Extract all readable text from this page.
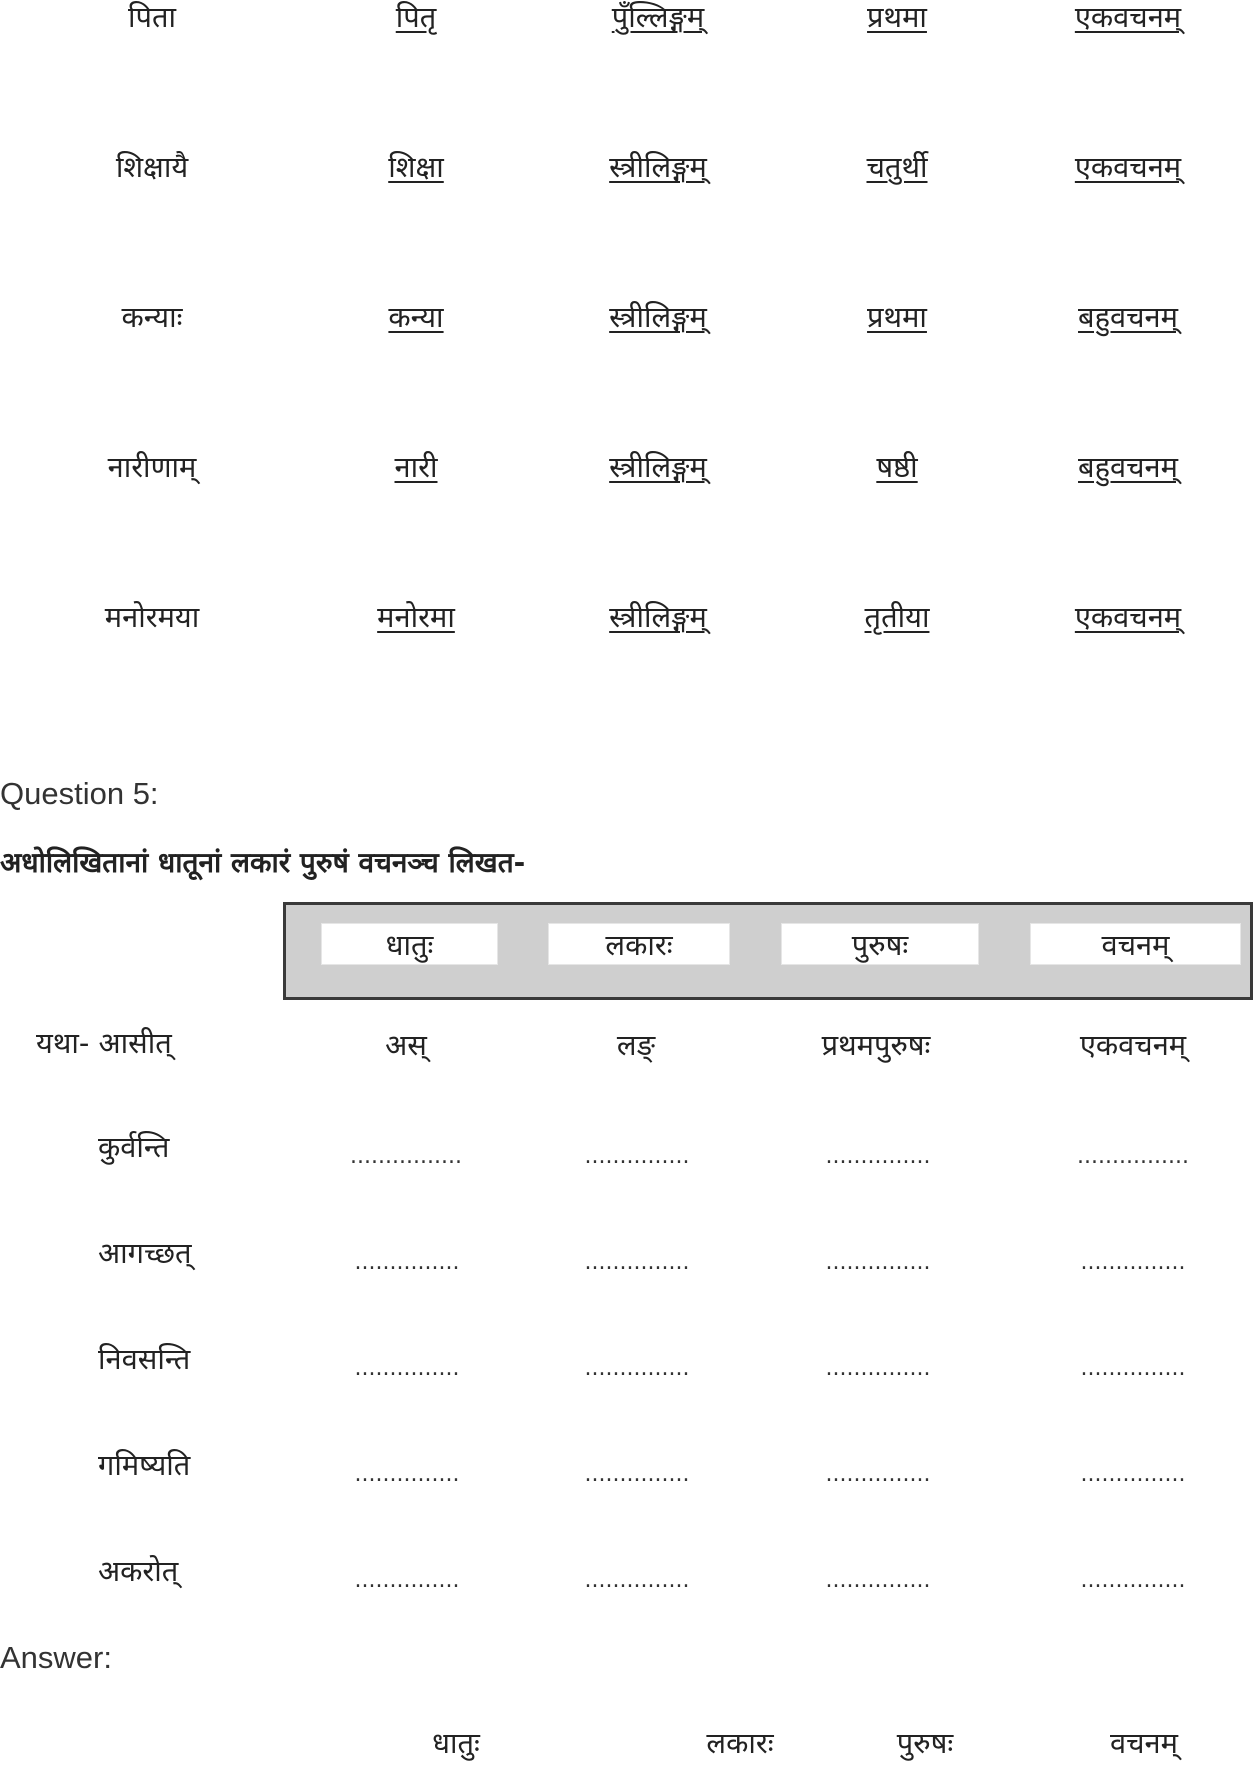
पिता	पितृ	पुँल्लिङ्गम्	प्रथमा	एकवचनम्
शिक्षायै	शिक्षा	स्त्रीलिङ्गम्	चतुर्थी	एकवचनम्
कन्याः	कन्या	स्त्रीलिङ्गम्	प्रथमा	बहुवचनम्
नारीणाम्	नारी	स्त्रीलिङ्गम्	षष्ठी	बहुवचनम्
मनोरमया	मनोरमा	स्त्रीलिङ्गम्	तृतीया	एकवचनम्
Question 5:
अधोलिखितानां धातूनां लकारं पुरुषं वचनञ्च लिखत-
धातुः	लकारः	पुरुषः	वचनम्
यथा- आसीत्	अस्	लङ्	प्रथमपुरुषः	एकवचनम्
कुर्वन्ति	................	...............	...............	................
आगच्छत्	...............	...............	...............	...............
निवसन्ति	...............	...............	...............	...............
गमिष्यति	...............	...............	...............	...............
अकरोत्	...............	...............	...............	...............
Answer:
धातुः	लकारः	पुरुषः	वचनम्
